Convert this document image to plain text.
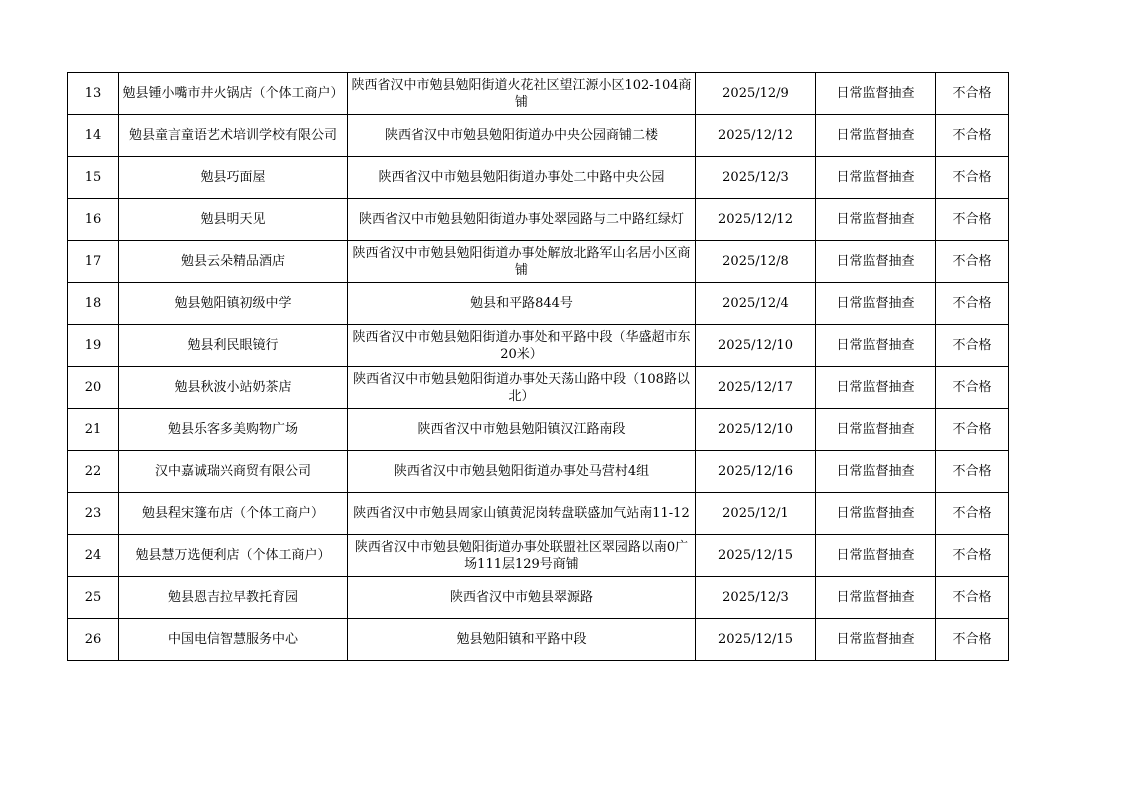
13	勉县锺小嘴市井火锅店（个体工商户）	陕西省汉中市勉县勉阳街道火花社区望江源小区102-104商铺	2025/12/9	日常监督抽查	不合格
14	勉县童言童语艺术培训学校有限公司	陕西省汉中市勉县勉阳街道办中央公园商铺二楼	2025/12/12	日常监督抽查	不合格
15	勉县巧面屋	陕西省汉中市勉县勉阳街道办事处二中路中央公园	2025/12/3	日常监督抽查	不合格
16	勉县明天见	陕西省汉中市勉县勉阳街道办事处翠园路与二中路红绿灯	2025/12/12	日常监督抽查	不合格
17	勉县云朵精品酒店	陕西省汉中市勉县勉阳街道办事处解放北路军山名居小区商铺	2025/12/8	日常监督抽查	不合格
18	勉县勉阳镇初级中学	勉县和平路844号	2025/12/4	日常监督抽查	不合格
19	勉县利民眼镜行	陕西省汉中市勉县勉阳街道办事处和平路中段（华盛超市东20米）	2025/12/10	日常监督抽查	不合格
20	勉县秋波小站奶茶店	陕西省汉中市勉县勉阳街道办事处天荡山路中段（108路以北）	2025/12/17	日常监督抽查	不合格
21	勉县乐客多美购物广场	陕西省汉中市勉县勉阳镇汉江路南段	2025/12/10	日常监督抽查	不合格
22	汉中嘉诚瑞兴商贸有限公司	陕西省汉中市勉县勉阳街道办事处马营村4组	2025/12/16	日常监督抽查	不合格
23	勉县程宋篷布店（个体工商户）	陕西省汉中市勉县周家山镇黄泥岗转盘联盛加气站南11-12	2025/12/1	日常监督抽查	不合格
24	勉县慧万选便利店（个体工商户）	陕西省汉中市勉县勉阳街道办事处联盟社区翠园路以南0广场111层129号商铺	2025/12/15	日常监督抽查	不合格
25	勉县恩吉拉早教托育园	陕西省汉中市勉县翠源路	2025/12/3	日常监督抽查	不合格
26	中国电信智慧服务中心	勉县勉阳镇和平路中段	2025/12/15	日常监督抽查	不合格
